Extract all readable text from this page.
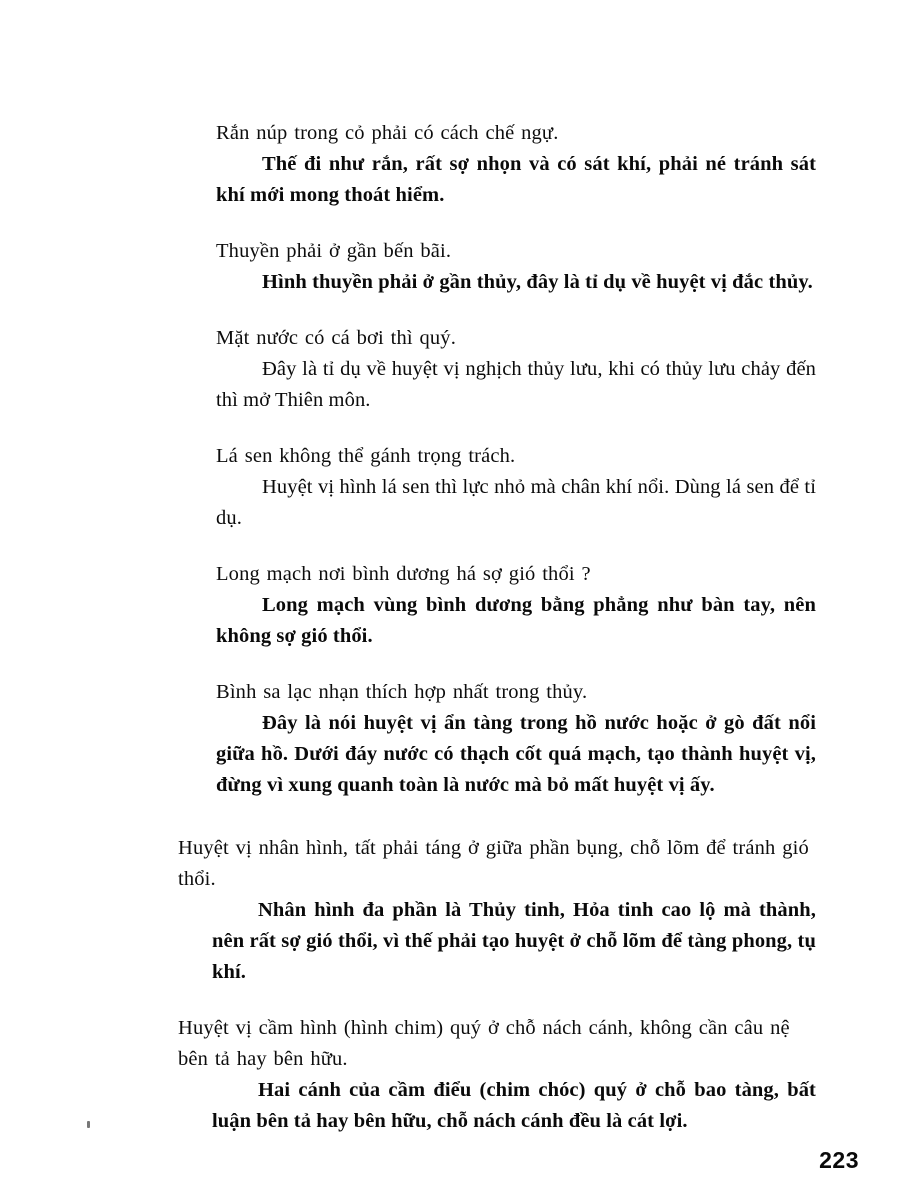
Rắn núp trong cỏ phải có cách chế ngự.

Thế đi như rắn, rất sợ nhọn và có sát khí, phải né tránh sát khí mới mong thoát hiểm.

Thuyền phải ở gần bến bãi.

Hình thuyền phải ở gần thủy, đây là tỉ dụ về huyệt vị đắc thủy.

Mặt nước có cá bơi thì quý.

Đây là tỉ dụ về huyệt vị nghịch thủy lưu, khi có thủy lưu chảy đến thì mở Thiên môn.

Lá sen không thể gánh trọng trách.

Huyệt vị hình lá sen thì lực nhỏ mà chân khí nổi. Dùng lá sen để tỉ dụ.

Long mạch nơi bình dương há sợ gió thổi ?

Long mạch vùng bình dương bằng phẳng như bàn tay, nên không sợ gió thổi.

Bình sa lạc nhạn thích hợp nhất trong thủy.

Đây là nói huyệt vị ẩn tàng trong hồ nước hoặc ở gò đất nổi giữa hồ. Dưới đáy nước có thạch cốt quá mạch, tạo thành huyệt vị, đừng vì xung quanh toàn là nước mà bỏ mất huyệt vị ấy.

Huyệt vị nhân hình, tất phải táng ở giữa phần bụng, chỗ lõm để tránh gió thổi.

Nhân hình đa phần là Thủy tinh, Hỏa tinh cao lộ mà thành, nên rất sợ gió thổi, vì thế phải tạo huyệt ở chỗ lõm để tàng phong, tụ khí.

Huyệt vị cầm hình (hình chim) quý ở chỗ nách cánh, không cần câu nệ bên tả hay bên hữu.

Hai cánh của cầm điểu (chim chóc) quý ở chỗ bao tàng, bất luận bên tả hay bên hữu, chỗ nách cánh đều là cát lợi.

223
